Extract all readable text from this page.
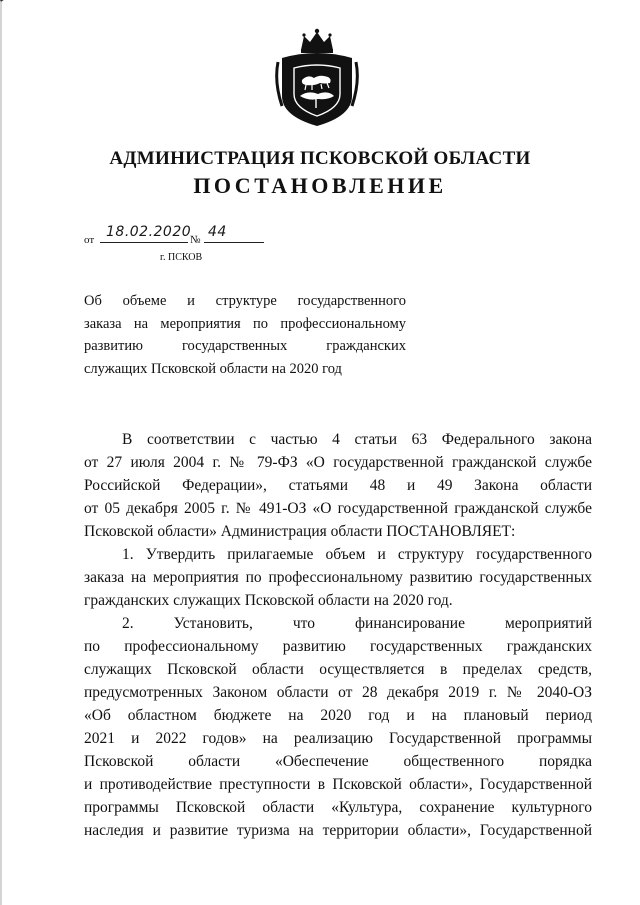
АДМИНИСТРАЦИЯ ПСКОВСКОЙ ОБЛАСТИ
ПОСТАНОВЛЕНИЕ
от 18.02.2020
№ 44
г. ПСКОВ
Об объеме и структуре государственного
заказа на мероприятия по профессиональному
развитию государственных гражданских
служащих Псковской области на 2020 год
В соответствии с частью 4 статьи 63 Федерального закона
от 27 июля 2004 г. № 79-ФЗ «О государственной гражданской службе
Российской Федерации», статьями 48 и 49 Закона области
от 05 декабря 2005 г. № 491-ОЗ «О государственной гражданской службе
Псковской области» Администрация области ПОСТАНОВЛЯЕТ:
1. Утвердить прилагаемые объем и структуру государственного
заказа на мероприятия по профессиональному развитию государственных
гражданских служащих Псковской области на 2020 год.
2. Установить, что финансирование мероприятий
по профессиональному развитию государственных гражданских
служащих Псковской области осуществляется в пределах средств,
предусмотренных Законом области от 28 декабря 2019 г. № 2040-ОЗ
«Об областном бюджете на 2020 год и на плановый период
2021 и 2022 годов» на реализацию Государственной программы
Псковской области «Обеспечение общественного порядка
и противодействие преступности в Псковской области», Государственной
программы Псковской области «Культура, сохранение культурного
наследия и развитие туризма на территории области», Государственной
